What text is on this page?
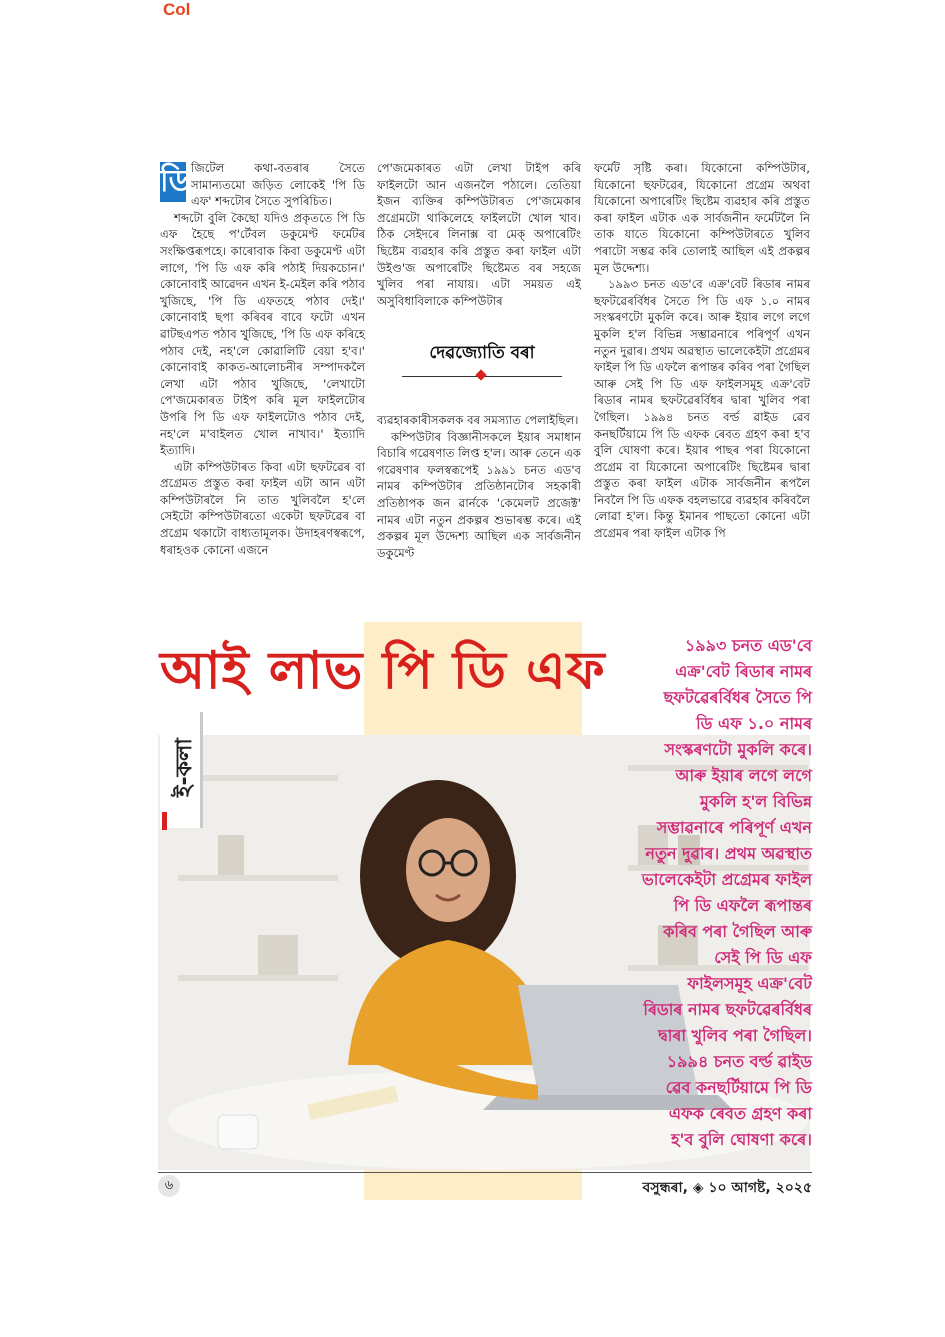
Col

ডি জিটেল কথা-বতৰাৰ সৈতে সামান্যতমো জড়িত লোকেই 'পি ডি এফ' শব্দটোৰ সৈতে সুপৰিচিত।

শব্দটো বুলি কৈছো যদিও প্ৰকৃততে পি ডি এফ হৈছে প'ৰ্টেবল ডকুমেণ্ট ফৰ্মেটৰ সংক্ষিপ্তৰূপহে। কাৰোবাক কিবা ডকুমেণ্ট এটা লাগে, 'পি ডি এফ কৰি পঠাই দিয়কচোন।' কোনোবাই আৱেদন এখন ই-মেইল কৰি পঠাব খুজিছে, 'পি ডি এফতহে পঠাব দেই।' কোনোবাই ছপা কৰিবৰ বাবে ফটো এখন ৱাটছএপত পঠাব খুজিছে, 'পি ডি এফ কৰিহে পঠাব দেই, নহ'লে কোৱালিটি বেয়া হ'ব।' কোনোবাই কাকত-আলোচনীৰ সম্পাদকলৈ লেখা এটা পঠাব খুজিছে, 'লেখাটো পে'জমেকাৰত টাইপ কৰি মূল ফাইলটোৰ উপৰি পি ডি এফ ফাইলটোও পঠাব দেই, নহ'লে ম'বাইলত খোল নাখাব।' ইত্যাদি ইত্যাদি।

এটা কম্পিউটাৰত কিবা এটা ছফটৱেৰ বা প্ৰগ্ৰেমত প্ৰস্তুত কৰা ফাইল এটা আন এটা কম্পিউটাৰলৈ নি তাত খুলিবলৈ হ'লে সেইটো কম্পিউটাৰতো একেটা ছফটৱেৰ বা প্ৰগ্ৰেম থকাটো বাধ্যতামূলক। উদাহৰণস্বৰূপে, ধৰাহওক কোনো এজনে

পে'জমেকাৰত এটা লেখা টাইপ কৰি ফাইলটো আন এজনলৈ পঠালে। তেতিয়া ইজন ব্যক্তিৰ কম্পিউটাৰত পে'জমেকাৰ প্ৰগ্ৰেমটো থাকিলেহে ফাইলটো খোল খাব। ঠিক সেইদৰে লিনাক্স বা মেক্ অপাৰেটিং ছিষ্টেম ব্যৱহাৰ কৰি প্ৰস্তুত কৰা ফাইল এটা উইণ্ড'জ অপাৰেটিং ছিষ্টেমত বৰ সহজে খুলিব পৰা নাযায়। এটা সময়ত এই অসুবিধাবিলাকে কম্পিউটাৰ

দেৱজ্যোতি বৰা

ব্যৱহাৰকাৰীসকলক বৰ সমস্যাত পেলাইছিল।

কম্পিউটাৰ বিজ্ঞানীসকলে ইয়াৰ সমাধান বিচাৰি গৱেষণাত লিপ্ত হ'ল। আৰু তেনে এক গৱেষণাৰ ফলস্বৰূপেই ১৯৯১ চনত এড'ব নামৰ কম্পিউটাৰ প্ৰতিষ্ঠানটোৰ সহকাৰী প্ৰতিষ্ঠাপক জন ৱাৰ্নকে 'কেমেলট প্ৰজেক্ট' নামৰ এটা নতুন প্ৰকল্পৰ শুভাৰম্ভ কৰে। এই প্ৰকল্পৰ মূল উদ্দেশ্য আছিল এক সাৰ্বজনীন ডকুমেণ্ট

ফৰ্মেট সৃষ্টি কৰা। যিকোনো কম্পিউটাৰ, যিকোনো ছফটৱেৰ, যিকোনো প্ৰগ্ৰেম অথবা যিকোনো অপাৰেটিং ছিষ্টেম ব্যৱহাৰ কৰি প্ৰস্তুত কৰা ফাইল এটাক এক সাৰ্বজনীন ফৰ্মেটলৈ নি তাক যাতে যিকোনো কম্পিউটাৰতে খুলিব পৰাটো সম্ভৱ কৰি তোলাই আছিল এই প্ৰকল্পৰ মূল উদ্দেশ্য।

১৯৯৩ চনত এড'বে এক্ৰ'বেট ৰিডাৰ নামৰ ছফটৱেৰৰ্বিধৰ সৈতে পি ডি এফ ১.০ নামৰ সংস্কৰণটো মুকলি কৰে। আৰু ইয়াৰ লগে লগে মুকলি হ'ল বিভিন্ন সম্ভাৱনাৰে পৰিপূৰ্ণ এখন নতুন দুৱাৰ। প্ৰথম অৱস্থাত ভালেকেইটা প্ৰগ্ৰেমৰ ফাইল পি ডি এফলৈ ৰূপান্তৰ কৰিব পৰা গৈছিল আৰু সেই পি ডি এফ ফাইলসমূহ এক্ৰ'বেট ৰিডাৰ নামৰ ছফটৱেৰৰ্বিধৰ দ্বাৰা খুলিব পৰা গৈছিল। ১৯৯৪ চনত বৰ্ল্ড ৱাইড ৱেব কনছৰ্টিয়ামে পি ডি এফক ৰেবত গ্ৰহণ কৰা হ'ব বুলি ঘোষণা কৰে। ইয়াৰ পাছৰ পৰা যিকোনো প্ৰগ্ৰেম বা যিকোনো অপাৰেটিং ছিষ্টেমৰ দ্বাৰা প্ৰস্তুত কৰা ফাইল এটাক সাৰ্বজনীন ৰূপলৈ নিবলৈ পি ডি এফক বহলভাৱে ব্যৱহাৰ কৰিবলৈ লোৱা হ'ল। কিন্তু ইমানৰ পাছতো কোনো এটা প্ৰগ্ৰেমৰ পৰা ফাইল এটাক পি

আই লাভ পি ডি এফ
ই-কলা
১৯৯৩ চনত এড'বে
এক্ৰ'বেট ৰিডাৰ নামৰ
ছফটৱেৰৰ্বিধৰ সৈতে পি
ডি এফ ১.০ নামৰ
সংস্কৰণটো মুকলি কৰে।
আৰু ইয়াৰ লগে লগে
মুকলি হ'ল বিভিন্ন
সম্ভাৱনাৰে পৰিপূৰ্ণ এখন
নতুন দুৱাৰ। প্ৰথম অৱস্থাত
ভালেকেইটা প্ৰগ্ৰেমৰ ফাইল
পি ডি এফলৈ ৰূপান্তৰ
কৰিব পৰা গৈছিল আৰু
সেই পি ডি এফ
ফাইলসমূহ এক্ৰ'বেট
ৰিডাৰ নামৰ ছফটৱেৰৰ্বিধৰ
দ্বাৰা খুলিব পৰা গৈছিল।
১৯৯৪ চনত বৰ্ল্ড ৱাইড
ৱেব কনছৰ্টিয়ামে পি ডি
এফক ৰেবত গ্ৰহণ কৰা
হ'ব বুলি ঘোষণা কৰে।
৬	বসুন্ধৰা, ◈ ১০ আগষ্ট, ২০২৫
